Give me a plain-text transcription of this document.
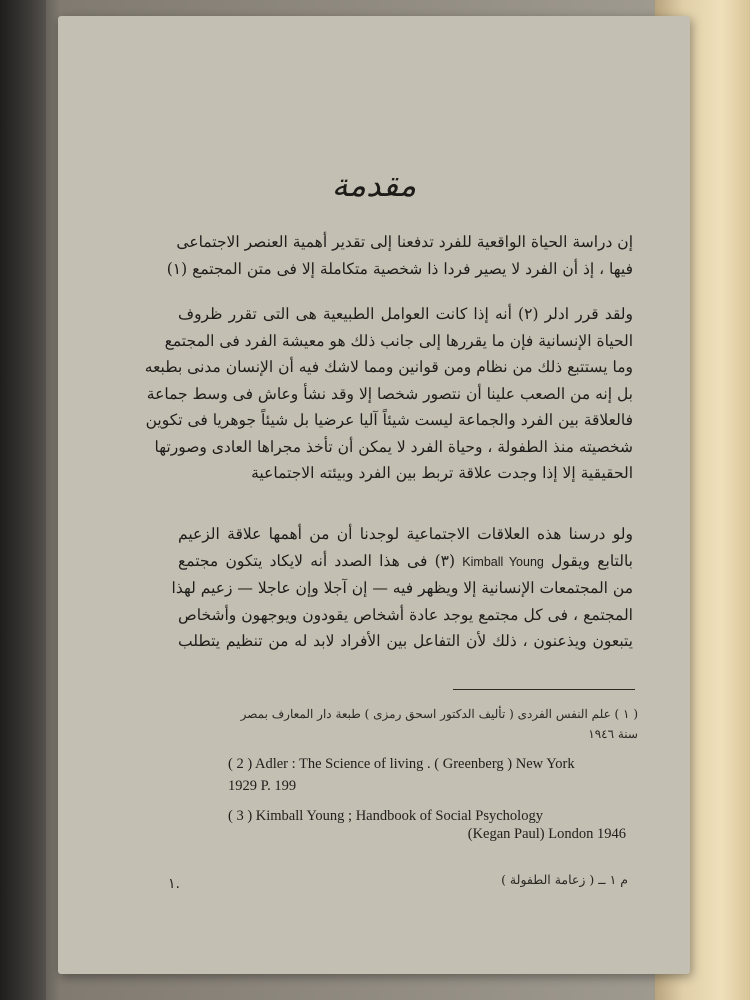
مقدمة
إن دراسة الحياة الواقعية للفرد تدفعنا إلى تقدير أهمية العنصر الاجتماعى
فيها ، إذ أن الفرد لا يصير فردا ذا شخصية متكاملة إلا فى متن المجتمع (١)
ولقد قرر ادلر (٢) أنه إذا كانت العوامل الطبيعية هى التى تقرر ظروف
الحياة الإنسانية فإن ما يقررها إلى جانب ذلك هو معيشة الفرد فى المجتمع
وما يستتبع ذلك من نظام ومن قوانين ومما لاشك فيه أن الإنسان مدنى بطبعه
بل إنه من الصعب علينا أن نتصور شخصا إلا وقد نشأ وعاش فى وسط جماعة
فالعلاقة بين الفرد والجماعة ليست شيئاً آليا عرضيا بل شيئاً جوهريا فى تكوين
شخصيته منذ الطفولة ، وحياة الفرد لا يمكن أن تأخذ مجراها العادى وصورتها
الحقيقية إلا إذا وجدت علاقة تربط بين الفرد وبيئته الاجتماعية
ولو درسنا هذه العلاقات الاجتماعية لوجدنا أن من أهمها علاقة الزعيم
بالتابع ويقول Kimball Young (٣) فى هذا الصدد أنه لايكاد يتكون مجتمع
من المجتمعات الإنسانية إلا ويظهر فيه — إن آجلا وإن عاجلا — زعيم لهذا
المجتمع ، فى كل مجتمع يوجد عادة أشخاص يقودون ويوجهون وأشخاص
يتبعون ويذعنون ، ذلك لأن التفاعل بين الأفراد لابد له من تنظيم يتطلب
( ١ ) علم النفس الفردى ( تأليف الدكتور اسحق رمزى ) طبعة دار المعارف بمصر
سنة ١٩٤٦
( 2 ) Adler : The Science of living . ( Greenberg ) New York
1929 P. 199
( 3 ) Kimball Young ; Handbook of Social Psychology
(Kegan Paul) London 1946
م ١ ــ ( زعامة الطفولة )
١.
